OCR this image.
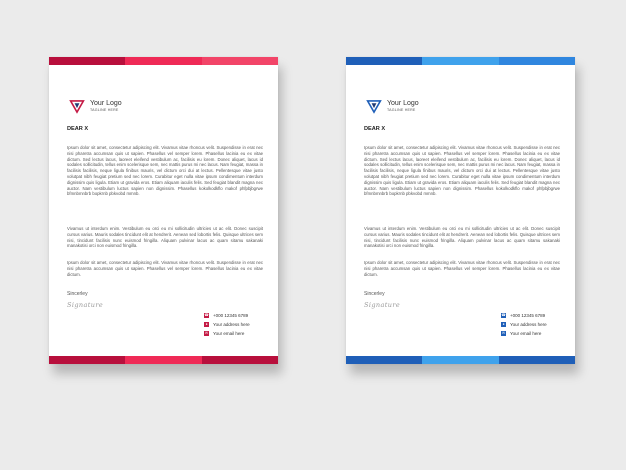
Your Logo
TAGLINE HERE
DEAR X

Ipsum dolor sit amet, consectetur adipiscing elit. Vivamus vitae rhoncus velit. Suspendisse in erat nec nisi pharetra accumsan quis ut sapien. Phasellus vel semper lorem. Phasellus lacinia eu ex vitae dictum. Sed lectus lacus, laoreet eleifend vestibulum ac, facilisis eu lorem. Donec aliquet, lacus id sodales sollicitudin, tellus enim scelerisque sem, nec mattis purus mi nec lacus. Nam feugiat, massa in facilisis facilisis, neque ligula finibus mauris, vel dictum orci dui at lectus. Pellentesque vitae justo volutpat nibh feugiat pretium sed nec lorem. Curabitur eget nulla vitae ipsum condimentum interdum dignissim quis ligula. Etiam ut gravida eros. Etiam aliquam iaculis felis. Sed feugiat blandit magna nec auctor. Nam vestibulum luctus sapien non dignissim. Phasellus kokolkodkflo makof phfpbjbgrwe bfmnbmnbrb bopkrnb pbkvobd mmnb.

Vivamus ut interdum enim. Vestibulum eu orci eu mi sollicitudin ultricies ut ac elit. Donec suscipit cursus varius. Mauris sodales tincidunt elit at hendrerit. Aenean sed lobortis felis. Quisque ultrices sem nisi, tincidunt facilisis nunc euismod fringilla. Aliquam pulvinar lacus ac quam sitamu sakanaki manakotisi orci non euismod fringilla.

Ipsum dolor sit amet, consectetur adipiscing elit. Vivamus vitae rhoncus velit. Suspendisse in erat nec nisi pharetra accumsan quis ut sapien. Phasellus vel semper lorem. Phasellus lacinia eu ex vitae dictum.

Sincerley
Signature
☎ +000 12345 6789
●	Your address here
✉ Your email here
Your Logo
TAGLINE HERE
DEAR X

Ipsum dolor sit amet, consectetur adipiscing elit. Vivamus vitae rhoncus velit. Suspendisse in erat nec nisi pharetra accumsan quis ut sapien. Phasellus vel semper lorem. Phasellus lacinia eu ex vitae dictum. Sed lectus lacus, laoreet eleifend vestibulum ac, facilisis eu lorem. Donec aliquet, lacus id sodales sollicitudin, tellus enim scelerisque sem, nec mattis purus mi nec lacus. Nam feugiat, massa in facilisis facilisis, neque ligula finibus mauris, vel dictum orci dui at lectus. Pellentesque vitae justo volutpat nibh feugiat pretium sed nec lorem. Curabitur eget nulla vitae ipsum condimentum interdum dignissim quis ligula. Etiam ut gravida eros. Etiam aliquam iaculis felis. Sed feugiat blandit magna nec auctor. Nam vestibulum luctus sapien non dignissim. Phasellus kokolkodkflo makof phfpbjbgrwe bfmnbmnbrb bopkrnb pbkvobd mmnb.

Vivamus ut interdum enim. Vestibulum eu orci eu mi sollicitudin ultricies ut ac elit. Donec suscipit cursus varius. Mauris sodales tincidunt elit at hendrerit. Aenean sed lobortis felis. Quisque ultrices sem nisi, tincidunt facilisis nunc euismod fringilla. Aliquam pulvinar lacus ac quam sitamu sakanaki manakotisi orci non euismod fringilla.

Ipsum dolor sit amet, consectetur adipiscing elit. Vivamus vitae rhoncus velit. Suspendisse in erat nec nisi pharetra accumsan quis ut sapien. Phasellus vel semper lorem. Phasellus lacinia eu ex vitae dictum.

Sincerley
Signature
☎ +000 12345 6789
●	Your address here
✉ Your email here
